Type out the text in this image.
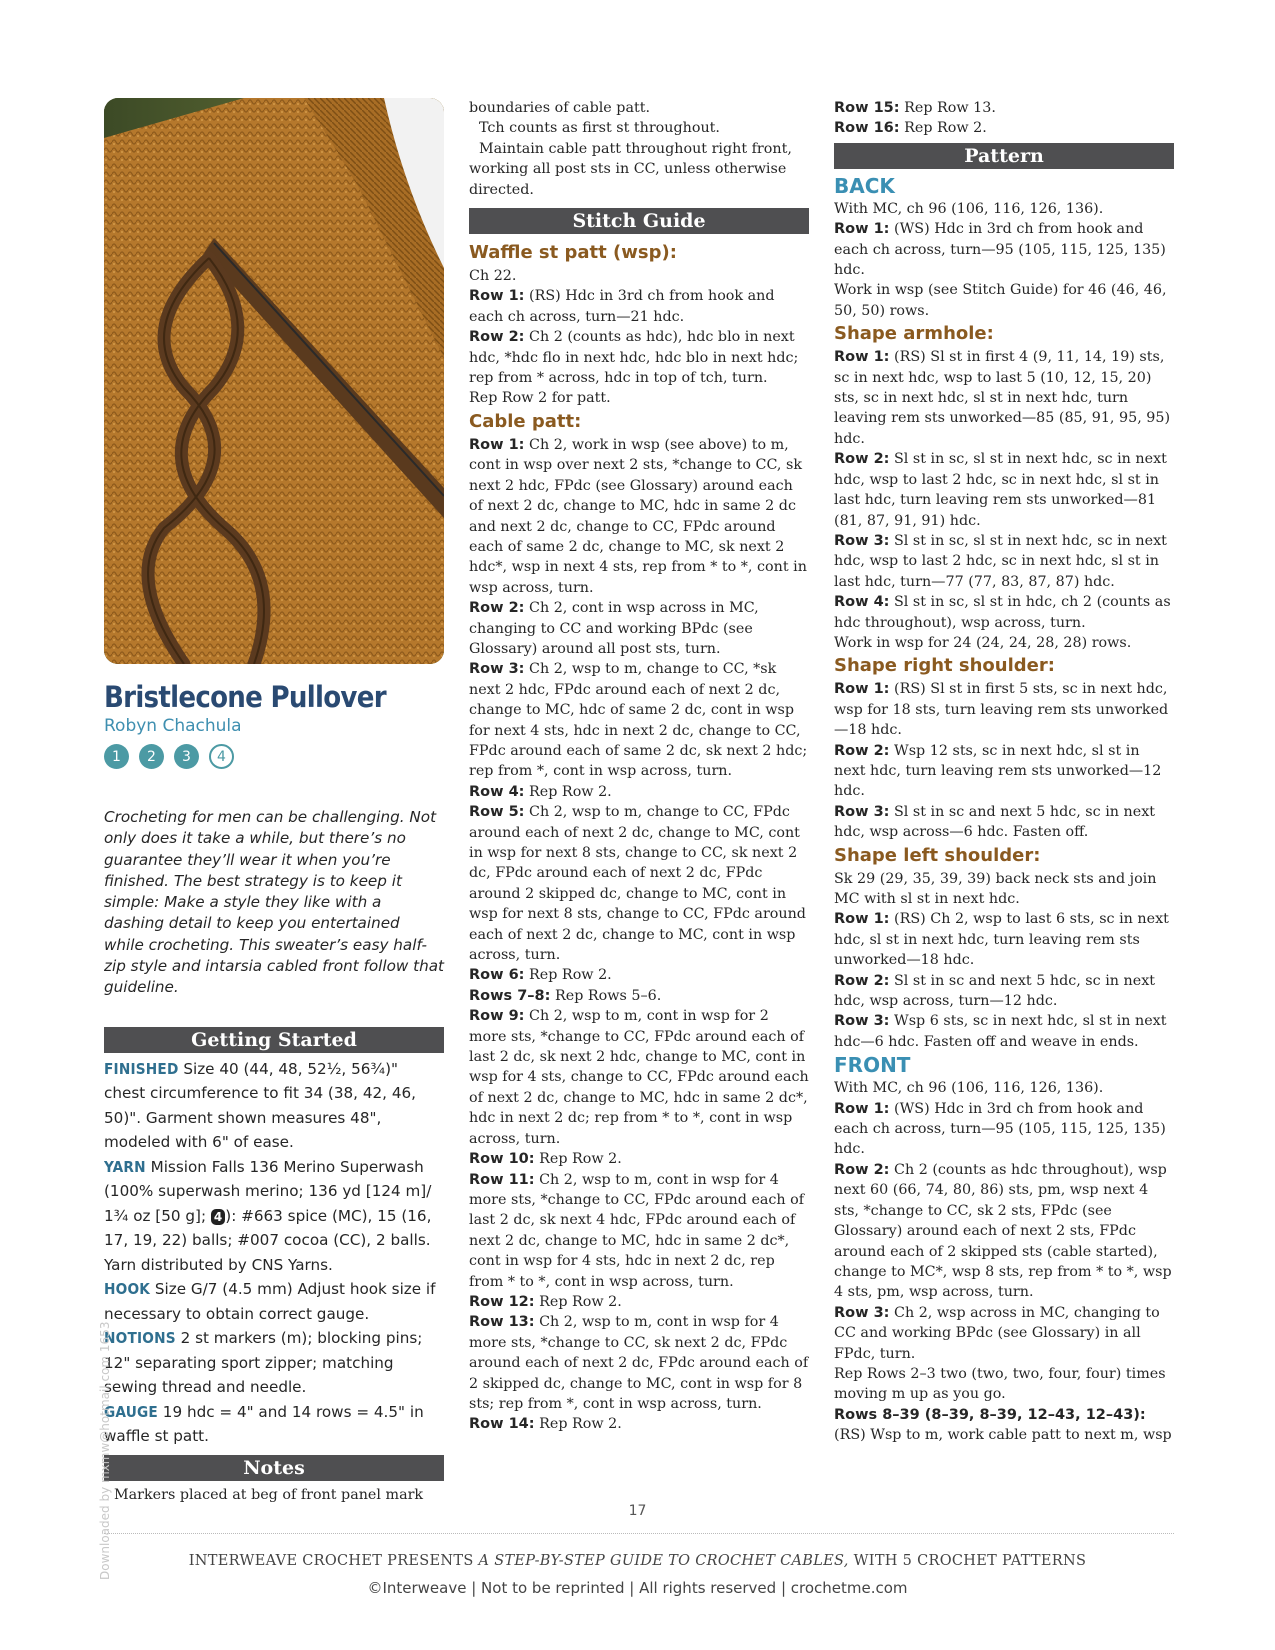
Bristlecone Pullover
Robyn Chachula
1	2	3	4
Crocheting for men can be challenging. Not only does it take a while, but there’s no guarantee they’ll wear it when you’re finished. The best strategy is to keep it simple: Make a style they like with a dashing detail to keep you entertained while crocheting. This sweater’s easy half-zip style and intarsia cabled front follow that guideline.
Getting Started
FINISHED Size 40 (44, 48, 52½, 56¾)" chest circumference to fit 34 (38, 42, 46, 50)". Garment shown measures 48", modeled with 6" of ease.
YARN Mission Falls 136 Merino Superwash (100% superwash merino; 136 yd [124 m]/ 1¾ oz [50 g]; 4 ): #663 spice (MC), 15 (16, 17, 19, 22) balls; #007 cocoa (CC), 2 balls. Yarn distributed by CNS Yarns.
HOOK Size G/7 (4.5 mm) Adjust hook size if necessary to obtain correct gauge.
NOTIONS 2 st markers (m); blocking pins; 12" separating sport zipper; matching sewing thread and needle.
GAUGE 19 hdc = 4" and 14 rows = 4.5" in waffle st patt.
Notes
Markers placed at beg of front panel mark

boundaries of cable patt.

Tch counts as first st throughout.

Maintain cable patt throughout right front, working all post sts in CC, unless otherwise directed.

Stitch Guide
Waffle st patt (wsp):

Ch 22.

Row 1: (RS) Hdc in 3rd ch from hook and each ch across, turn—21 hdc.

Row 2: Ch 2 (counts as hdc), hdc blo in next hdc, *hdc flo in next hdc, hdc blo in next hdc; rep from * across, hdc in top of tch, turn.

Rep Row 2 for patt.

Cable patt:

Row 1: Ch 2, work in wsp (see above) to m, cont in wsp over next 2 sts, *change to CC, sk next 2 hdc, FPdc (see Glossary) around each of next 2 dc, change to MC, hdc in same 2 dc and next 2 dc, change to CC, FPdc around each of same 2 dc, change to MC, sk next 2 hdc*, wsp in next 4 sts, rep from * to *, cont in wsp across, turn.

Row 2: Ch 2, cont in wsp across in MC, changing to CC and working BPdc (see Glossary) around all post sts, turn.

Row 3: Ch 2, wsp to m, change to CC, *sk next 2 hdc, FPdc around each of next 2 dc, change to MC, hdc of same 2 dc, cont in wsp for next 4 sts, hdc in next 2 dc, change to CC, FPdc around each of same 2 dc, sk next 2 hdc; rep from *, cont in wsp across, turn.

Row 4: Rep Row 2.

Row 5: Ch 2, wsp to m, change to CC, FPdc around each of next 2 dc, change to MC, cont in wsp for next 8 sts, change to CC, sk next 2 dc, FPdc around each of next 2 dc, FPdc around 2 skipped dc, change to MC, cont in wsp for next 8 sts, change to CC, FPdc around each of next 2 dc, change to MC, cont in wsp across, turn.

Row 6: Rep Row 2.

Rows 7–8: Rep Rows 5–6.

Row 9: Ch 2, wsp to m, cont in wsp for 2 more sts, *change to CC, FPdc around each of last 2 dc, sk next 2 hdc, change to MC, cont in wsp for 4 sts, change to CC, FPdc around each of next 2 dc, change to MC, hdc in same 2 dc*, hdc in next 2 dc; rep from * to *, cont in wsp across, turn.

Row 10: Rep Row 2.

Row 11: Ch 2, wsp to m, cont in wsp for 4 more sts, *change to CC, FPdc around each of last 2 dc, sk next 4 hdc, FPdc around each of next 2 dc, change to MC, hdc in same 2 dc*, cont in wsp for 4 sts, hdc in next 2 dc, rep from * to *, cont in wsp across, turn.

Row 12: Rep Row 2.

Row 13: Ch 2, wsp to m, cont in wsp for 4 more sts, *change to CC, sk next 2 dc, FPdc around each of next 2 dc, FPdc around each of 2 skipped dc, change to MC, cont in wsp for 8 sts; rep from *, cont in wsp across, turn.

Row 14: Rep Row 2.

Row 15: Rep Row 13.

Row 16: Rep Row 2.

Pattern
BACK

With MC, ch 96 (106, 116, 126, 136).

Row 1: (WS) Hdc in 3rd ch from hook and each ch across, turn—95 (105, 115, 125, 135) hdc.

Work in wsp (see Stitch Guide) for 46 (46, 46, 50, 50) rows.

Shape armhole:

Row 1: (RS) Sl st in first 4 (9, 11, 14, 19) sts, sc in next hdc, wsp to last 5 (10, 12, 15, 20) sts, sc in next hdc, sl st in next hdc, turn leaving rem sts unworked—85 (85, 91, 95, 95) hdc.

Row 2: Sl st in sc, sl st in next hdc, sc in next hdc, wsp to last 2 hdc, sc in next hdc, sl st in last hdc, turn leaving rem sts unworked—81 (81, 87, 91, 91) hdc.

Row 3: Sl st in sc, sl st in next hdc, sc in next hdc, wsp to last 2 hdc, sc in next hdc, sl st in last hdc, turn—77 (77, 83, 87, 87) hdc.

Row 4: Sl st in sc, sl st in hdc, ch 2 (counts as hdc throughout), wsp across, turn.

Work in wsp for 24 (24, 24, 28, 28) rows.

Shape right shoulder:

Row 1: (RS) Sl st in first 5 sts, sc in next hdc, wsp for 18 sts, turn leaving rem sts unworked—18 hdc.

Row 2: Wsp 12 sts, sc in next hdc, sl st in next hdc, turn leaving rem sts unworked—12 hdc.

Row 3: Sl st in sc and next 5 hdc, sc in next hdc, wsp across—6 hdc. Fasten off.

Shape left shoulder:

Sk 29 (29, 35, 39, 39) back neck sts and join MC with sl st in next hdc.

Row 1: (RS) Ch 2, wsp to last 6 sts, sc in next hdc, sl st in next hdc, turn leaving rem sts unworked—18 hdc.

Row 2: Sl st in sc and next 5 hdc, sc in next hdc, wsp across, turn—12 hdc.

Row 3: Wsp 6 sts, sc in next hdc, sl st in next hdc—6 hdc. Fasten off and weave in ends.

FRONT

With MC, ch 96 (106, 116, 126, 136).

Row 1: (WS) Hdc in 3rd ch from hook and each ch across, turn—95 (105, 115, 125, 135) hdc.

Row 2: Ch 2 (counts as hdc throughout), wsp next 60 (66, 74, 80, 86) sts, pm, wsp next 4 sts, *change to CC, sk 2 sts, FPdc (see Glossary) around each of next 2 sts, FPdc around each of 2 skipped sts (cable started), change to MC*, wsp 8 sts, rep from * to *, wsp 4 sts, pm, wsp across, turn.

Row 3: Ch 2, wsp across in MC, changing to CC and working BPdc (see Glossary) in all FPdc, turn.

Rep Rows 2–3 two (two, two, four, four) times moving m up as you go.

Rows 8–39 (8–39, 8–39, 12–43, 12–43): (RS) Wsp to m, work cable patt to next m, wsp

17
INTERWEAVE CROCHET PRESENTS A STEP-BY-STEP GUIDE TO CROCHET CABLES, WITH 5 CROCHET PATTERNS
©Interweave | Not to be reprinted | All rights reserved | crochetme.com
Downloaded by mxmw@hotmail.com 1653
